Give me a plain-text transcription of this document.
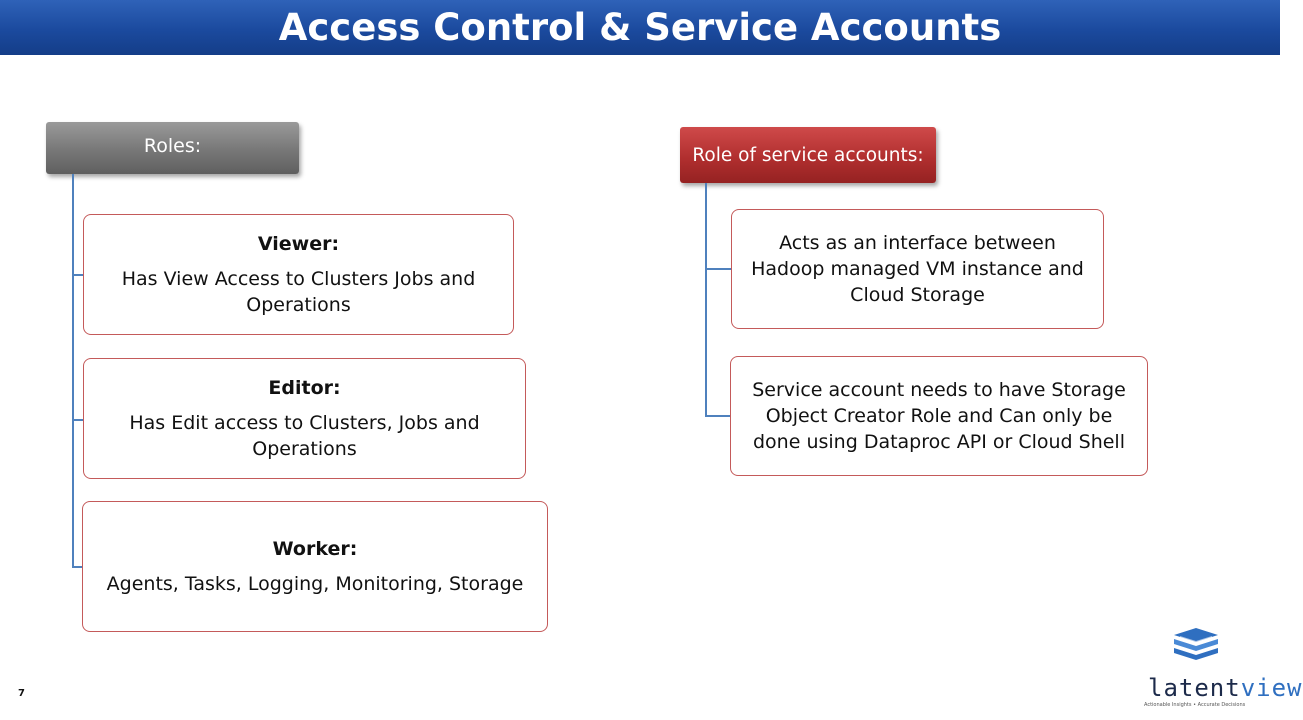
Access Control & Service Accounts
Roles:
Viewer:
Has View Access to Clusters Jobs and Operations
Editor:
Has Edit access to Clusters, Jobs and Operations
Worker:
Agents, Tasks, Logging, Monitoring, Storage
Role of service accounts:
Acts as an interface between Hadoop managed VM instance and Cloud Storage
Service account needs to have Storage Object Creator Role and Can only be done using Dataproc API or Cloud Shell
7	latentview
Actionable Insights • Accurate Decisions
